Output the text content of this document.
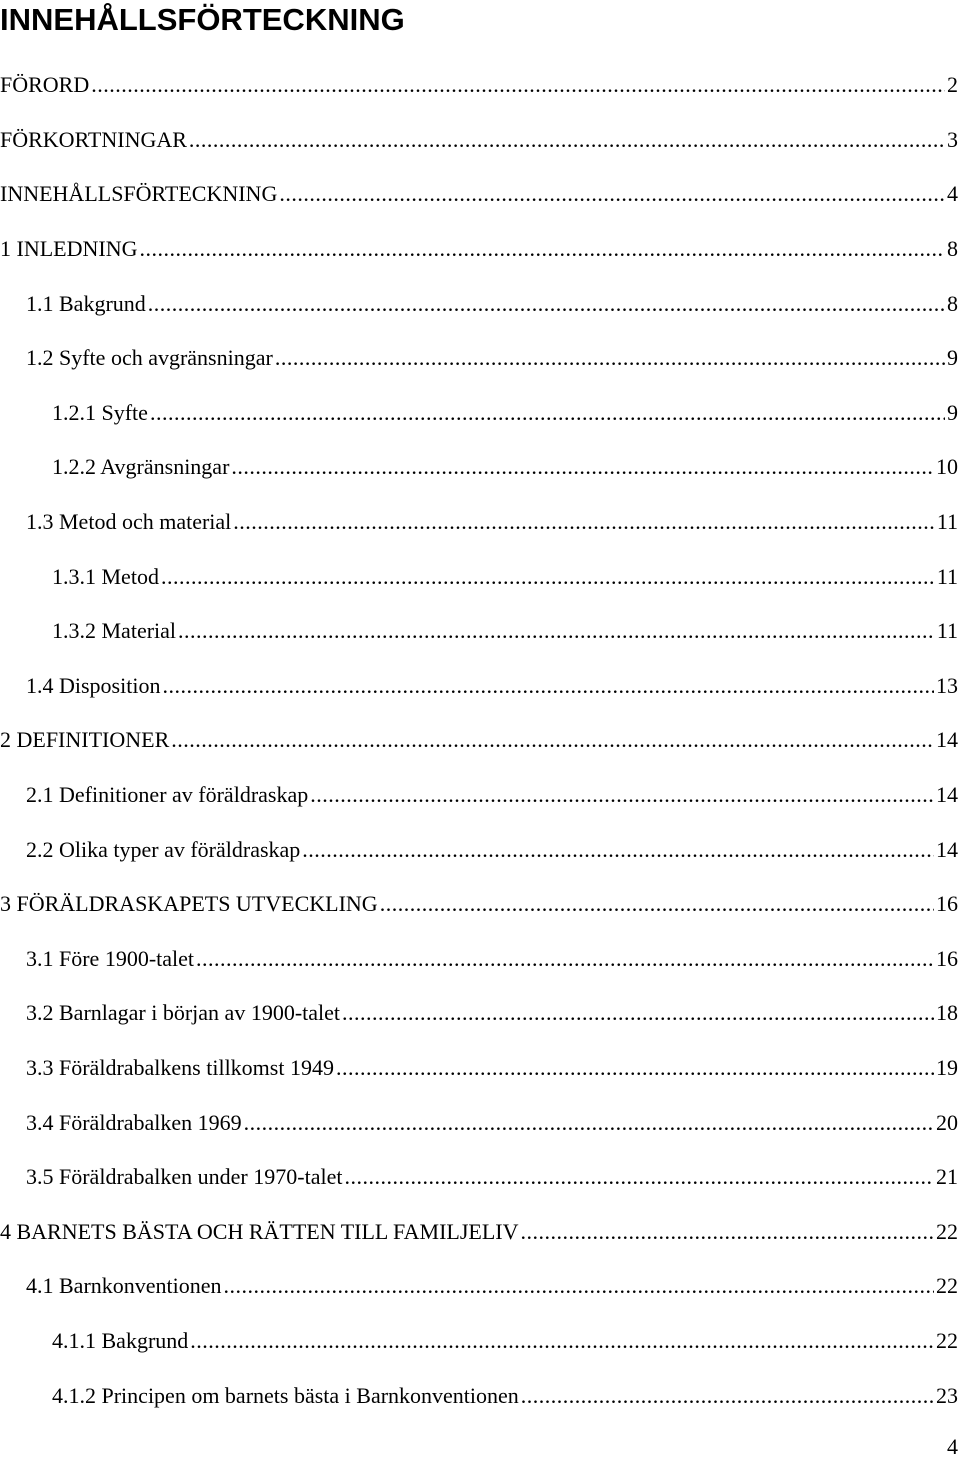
INNEHÅLLSFÖRTECKNING
FÖRORD .....	2
FÖRKORTNINGAR .....	3
INNEHÅLLSFÖRTECKNING .....	4
1 INLEDNING .....	8
1.1 Bakgrund .....	8
1.2 Syfte och avgränsningar .....	9
1.2.1 Syfte .....	9
1.2.2 Avgränsningar .....	10
1.3 Metod och material .....	11
1.3.1 Metod .....	11
1.3.2 Material .....	11
1.4 Disposition .....	13
2 DEFINITIONER .....	14
2.1 Definitioner av föräldraskap .....	14
2.2 Olika typer av föräldraskap .....	14
3 FÖRÄLDRASKAPETS UTVECKLING .....	16
3.1 Före 1900-talet .....	16
3.2 Barnlagar i början av 1900-talet .....	18
3.3 Föräldrabalkens tillkomst 1949 .....	19
3.4 Föräldrabalken 1969 .....	20
3.5 Föräldrabalken under 1970-talet .....	21
4 BARNETS BÄSTA OCH RÄTTEN TILL FAMILJELIV .....	22
4.1 Barnkonventionen .....	22
4.1.1 Bakgrund .....	22
4.1.2 Principen om barnets bästa i Barnkonventionen .....	23
4
